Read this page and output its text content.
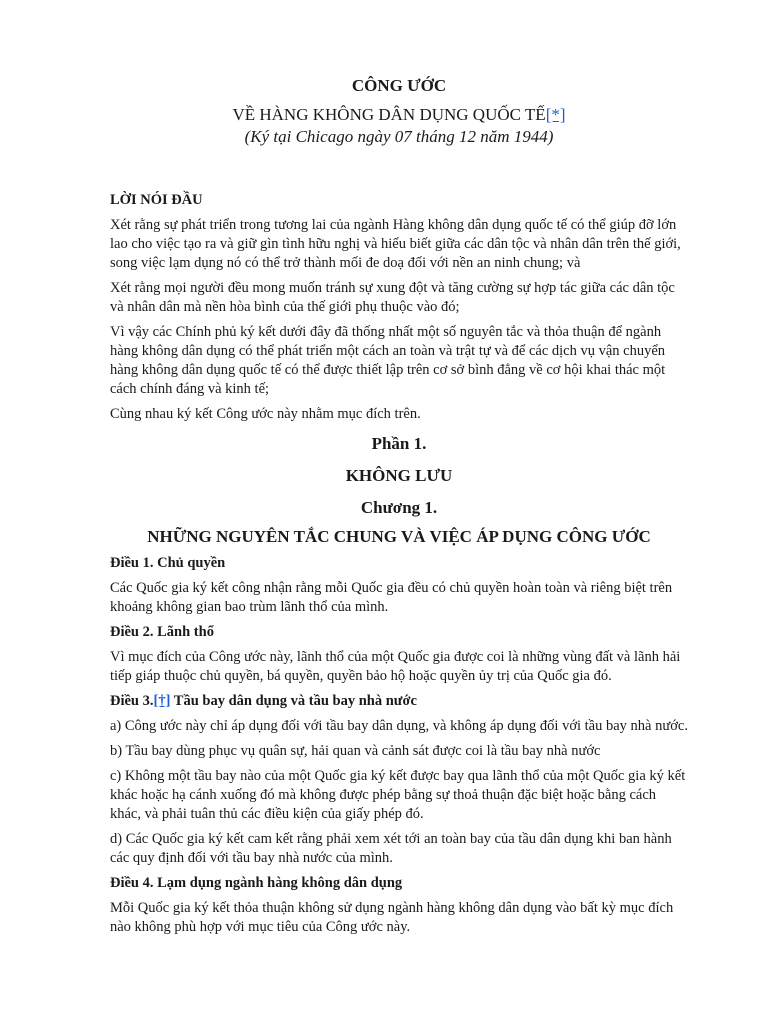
CÔNG ƯỚC
VỀ HÀNG KHÔNG DÂN DỤNG QUỐC TẾ[*]
(Ký tại Chicago ngày 07 tháng 12 năm 1944)
LỜI NÓI ĐẦU

Xét rằng sự phát triển trong tương lai của ngành Hàng không dân dụng quốc tế có thể giúp đỡ lớn lao cho việc tạo ra và giữ gìn tình hữu nghị và hiểu biết giữa các dân tộc và nhân dân trên thế giới, song việc lạm dụng nó có thể trở thành mối đe doạ đối với nền an ninh chung; và

Xét rằng mọi người đều mong muốn tránh sự xung đột và tăng cường sự hợp tác giữa các dân tộc và nhân dân mà nền hòa bình của thế giới phụ thuộc vào đó;

Vì vậy các Chính phủ ký kết dưới đây đã thống nhất một số nguyên tắc và thỏa thuận để ngành hàng không dân dụng có thể phát triển một cách an toàn và trật tự và để các dịch vụ vận chuyển hàng không dân dụng quốc tế có thể được thiết lập trên cơ sở bình đẳng về cơ hội khai thác một cách chính đáng và kinh tế;

Cùng nhau ký kết Công ước này nhằm mục đích trên.

Phần 1.
KHÔNG LƯU
Chương 1.
NHỮNG NGUYÊN TẮC CHUNG VÀ VIỆC ÁP DỤNG CÔNG ƯỚC
Điều 1. Chủ quyền

Các Quốc gia ký kết công nhận rằng mỗi Quốc gia đều có chủ quyền hoàn toàn và riêng biệt trên khoảng không gian bao trùm lãnh thổ của mình.

Điều 2. Lãnh thổ

Vì mục đích của Công ước này, lãnh thổ của một Quốc gia được coi là những vùng đất và lãnh hải tiếp giáp thuộc chủ quyền, bá quyền, quyền bảo hộ hoặc quyền ủy trị của Quốc gia đó.

Điều 3.[†] Tầu bay dân dụng và tầu bay nhà nước

a) Công ước này chỉ áp dụng đối với tầu bay dân dụng, và không áp dụng đối với tầu bay nhà nước.

b) Tầu bay dùng phục vụ quân sự, hải quan và cảnh sát được coi là tầu bay nhà nước

c) Không một tầu bay nào của một Quốc gia ký kết được bay qua lãnh thổ của một Quốc gia ký kết khác hoặc hạ cánh xuống đó mà không được phép bằng sự thoả thuận đặc biệt hoặc bằng cách khác, và phải tuân thủ các điều kiện của giấy phép đó.

d) Các Quốc gia ký kết cam kết rằng phải xem xét tới an toàn bay của tầu dân dụng khi ban hành các quy định đối với tầu bay nhà nước của mình.

Điều 4. Lạm dụng ngành hàng không dân dụng

Mỗi Quốc gia ký kết thỏa thuận không sử dụng ngành hàng không dân dụng vào bất kỳ mục đích nào không phù hợp với mục tiêu của Công ước này.
